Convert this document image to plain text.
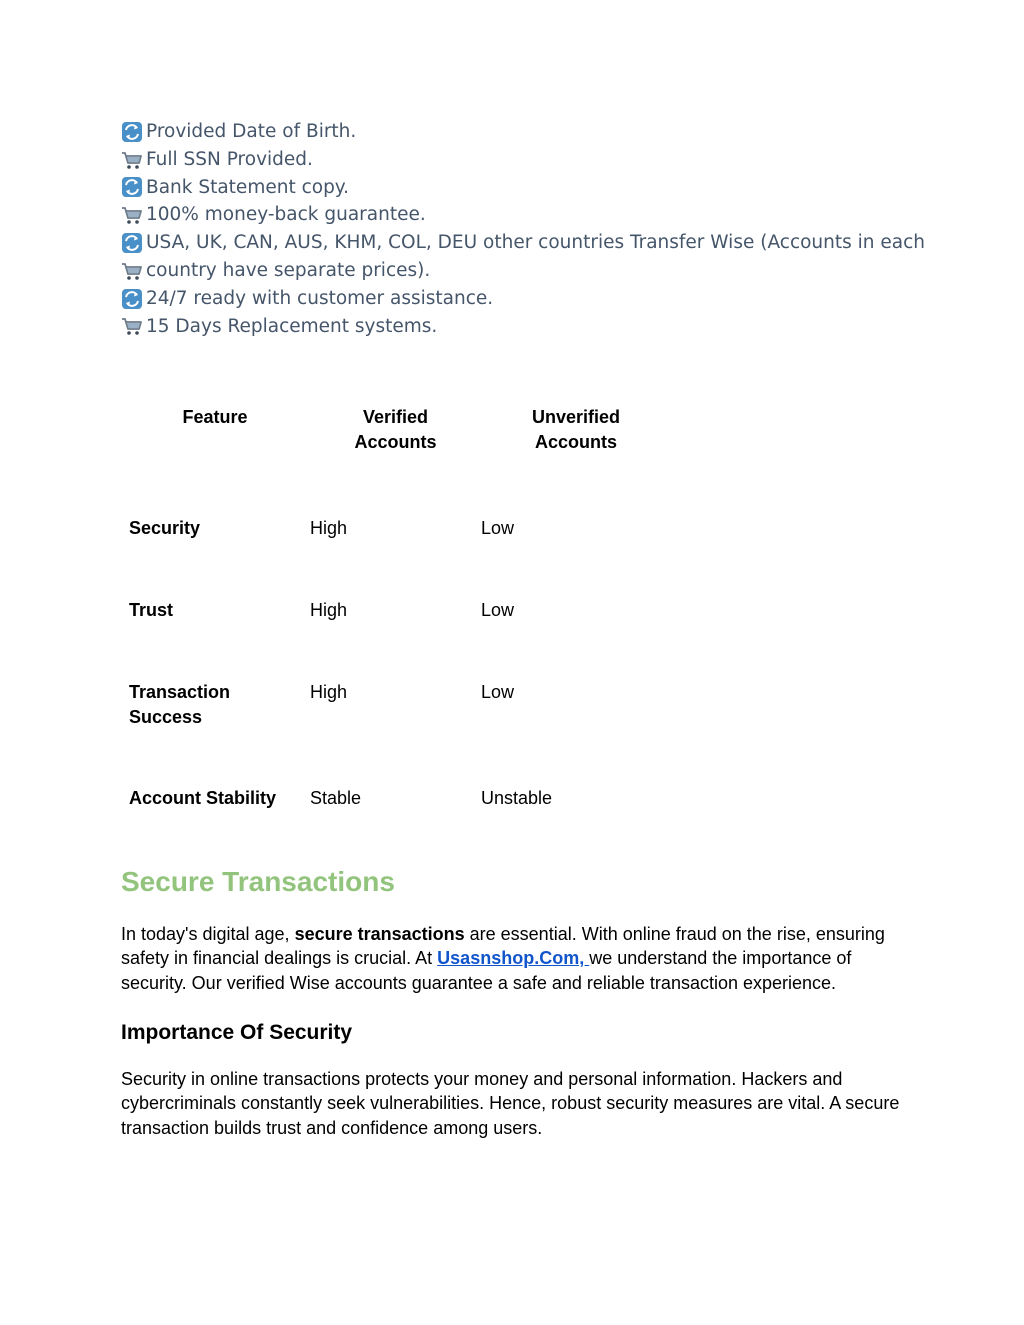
Provided Date of Birth.
Full SSN Provided.
Bank Statement copy.
100% money-back guarantee.
USA, UK, CAN, AUS, KHM, COL, DEU other countries Transfer Wise (Accounts in each
country have separate prices).
24/7 ready with customer assistance.
15 Days Replacement systems.
Feature	Verified Accounts	Unverified Accounts

Security	High	Low
Trust	High	Low

Transaction Success	High	Low
Account Stability	Stable	Unstable
Secure Transactions

In today's digital age, secure transactions are essential. With online fraud on the rise, ensuring safety in financial dealings is crucial. At Usasnshop.Com, we understand the importance of security. Our verified Wise accounts guarantee a safe and reliable transaction experience.

Importance Of Security

Security in online transactions protects your money and personal information. Hackers and cybercriminals constantly seek vulnerabilities. Hence, robust security measures are vital. A secure transaction builds trust and confidence among users.
